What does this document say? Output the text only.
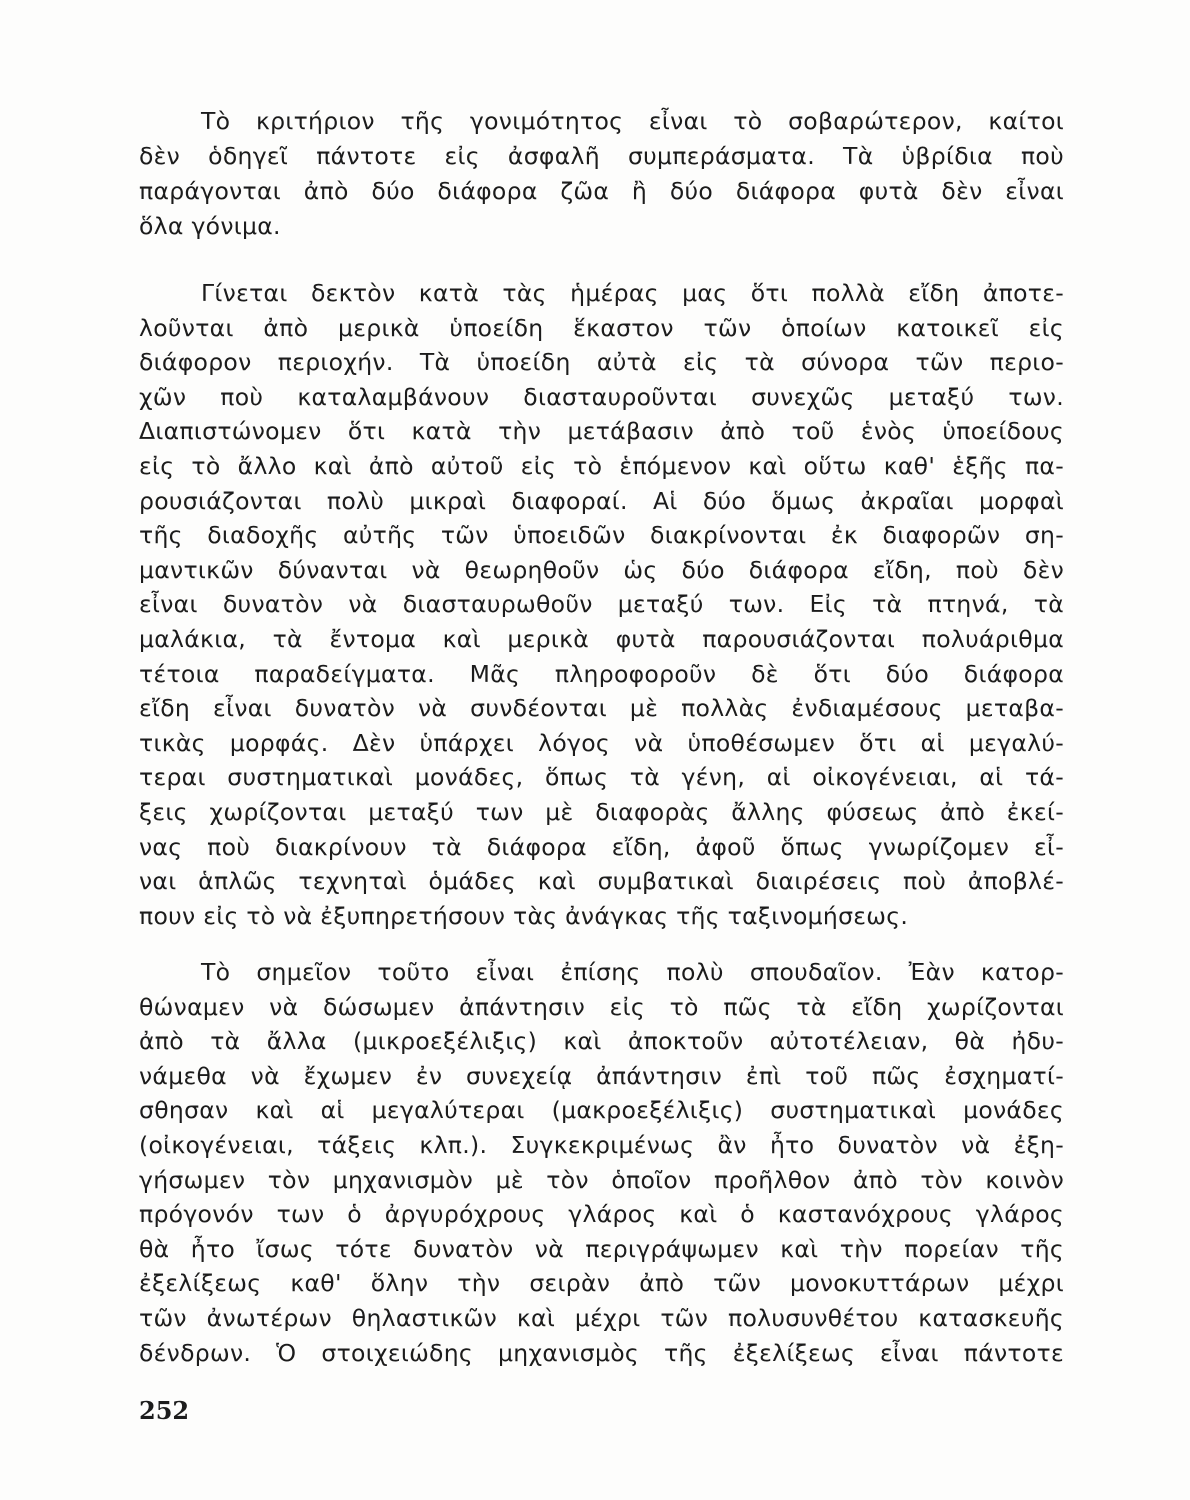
Τὸ κριτήριον τῆς γονιμότητος εἶναι τὸ σοβαρώτερον, καίτοι
δὲν ὁδηγεῖ πάντοτε εἰς ἀσφαλῆ συμπεράσματα. Τὰ ὑβρίδια ποὺ
παράγονται ἀπὸ δύο διάφορα ζῶα ἢ δύο διάφορα φυτὰ δὲν εἶναι
ὅλα γόνιμα.
Γίνεται δεκτὸν κατὰ τὰς ἡμέρας μας ὅτι πολλὰ εἴδη ἀποτε-
λοῦνται ἀπὸ μερικὰ ὑποείδη ἕκαστον τῶν ὁποίων κατοικεῖ εἰς
διάφορον περιοχήν. Τὰ ὑποείδη αὐτὰ εἰς τὰ σύνορα τῶν περιο-
χῶν ποὺ καταλαμβάνουν διασταυροῦνται συνεχῶς μεταξύ των.
Διαπιστώνομεν ὅτι κατὰ τὴν μετάβασιν ἀπὸ τοῦ ἑνὸς ὑποείδους
εἰς τὸ ἄλλο καὶ ἀπὸ αὐτοῦ εἰς τὸ ἑπόμενον καὶ οὕτω καθ' ἑξῆς πα-
ρουσιάζονται πολὺ μικραὶ διαφοραί. Αἱ δύο ὅμως ἀκραῖαι μορφαὶ
τῆς διαδοχῆς αὐτῆς τῶν ὑποειδῶν διακρίνονται ἐκ διαφορῶν ση-
μαντικῶν δύνανται νὰ θεωρηθοῦν ὡς δύο διάφορα εἴδη, ποὺ δὲν
εἶναι δυνατὸν νὰ διασταυρωθοῦν μεταξύ των. Εἰς τὰ πτηνά, τὰ
μαλάκια, τὰ ἔντομα καὶ μερικὰ φυτὰ παρουσιάζονται πολυάριθμα
τέτοια παραδείγματα. Μᾶς πληροφοροῦν δὲ ὅτι δύο διάφορα
εἴδη εἶναι δυνατὸν νὰ συνδέονται μὲ πολλὰς ἐνδιαμέσους μεταβα-
τικὰς μορφάς. Δὲν ὑπάρχει λόγος νὰ ὑποθέσωμεν ὅτι αἱ μεγαλύ-
τεραι συστηματικαὶ μονάδες, ὅπως τὰ γένη, αἱ οἰκογένειαι, αἱ τά-
ξεις χωρίζονται μεταξύ των μὲ διαφορὰς ἄλλης φύσεως ἀπὸ ἐκεί-
νας ποὺ διακρίνουν τὰ διάφορα εἴδη, ἀφοῦ ὅπως γνωρίζομεν εἶ-
ναι ἁπλῶς τεχνηταὶ ὁμάδες καὶ συμβατικαὶ διαιρέσεις ποὺ ἀποβλέ-
πουν εἰς τὸ νὰ ἐξυπηρετήσουν τὰς ἀνάγκας τῆς ταξινομήσεως.
Τὸ σημεῖον τοῦτο εἶναι ἐπίσης πολὺ σπουδαῖον. Ἐὰν κατορ-
θώναμεν νὰ δώσωμεν ἀπάντησιν εἰς τὸ πῶς τὰ εἴδη χωρίζονται
ἀπὸ τὰ ἄλλα (μικροεξέλιξις) καὶ ἀποκτοῦν αὐτοτέλειαν, θὰ ἠδυ-
νάμεθα νὰ ἔχωμεν ἐν συνεχείᾳ ἀπάντησιν ἐπὶ τοῦ πῶς ἐσχηματί-
σθησαν καὶ αἱ μεγαλύτεραι (μακροεξέλιξις) συστηματικαὶ μονάδες
(οἰκογένειαι, τάξεις κλπ.). Συγκεκριμένως ἂν ἦτο δυνατὸν νὰ ἐξη-
γήσωμεν τὸν μηχανισμὸν μὲ τὸν ὁποῖον προῆλθον ἀπὸ τὸν κοινὸν
πρόγονόν των ὁ ἀργυρόχρους γλάρος καὶ ὁ καστανόχρους γλάρος
θὰ ἦτο ἴσως τότε δυνατὸν νὰ περιγράψωμεν καὶ τὴν πορείαν τῆς
ἐξελίξεως καθ' ὅλην τὴν σειρὰν ἀπὸ τῶν μονοκυττάρων μέχρι
τῶν ἀνωτέρων θηλαστικῶν καὶ μέχρι τῶν πολυσυνθέτου κατασκευῆς
δένδρων. Ὁ στοιχειώδης μηχανισμὸς τῆς ἐξελίξεως εἶναι πάντοτε
252
